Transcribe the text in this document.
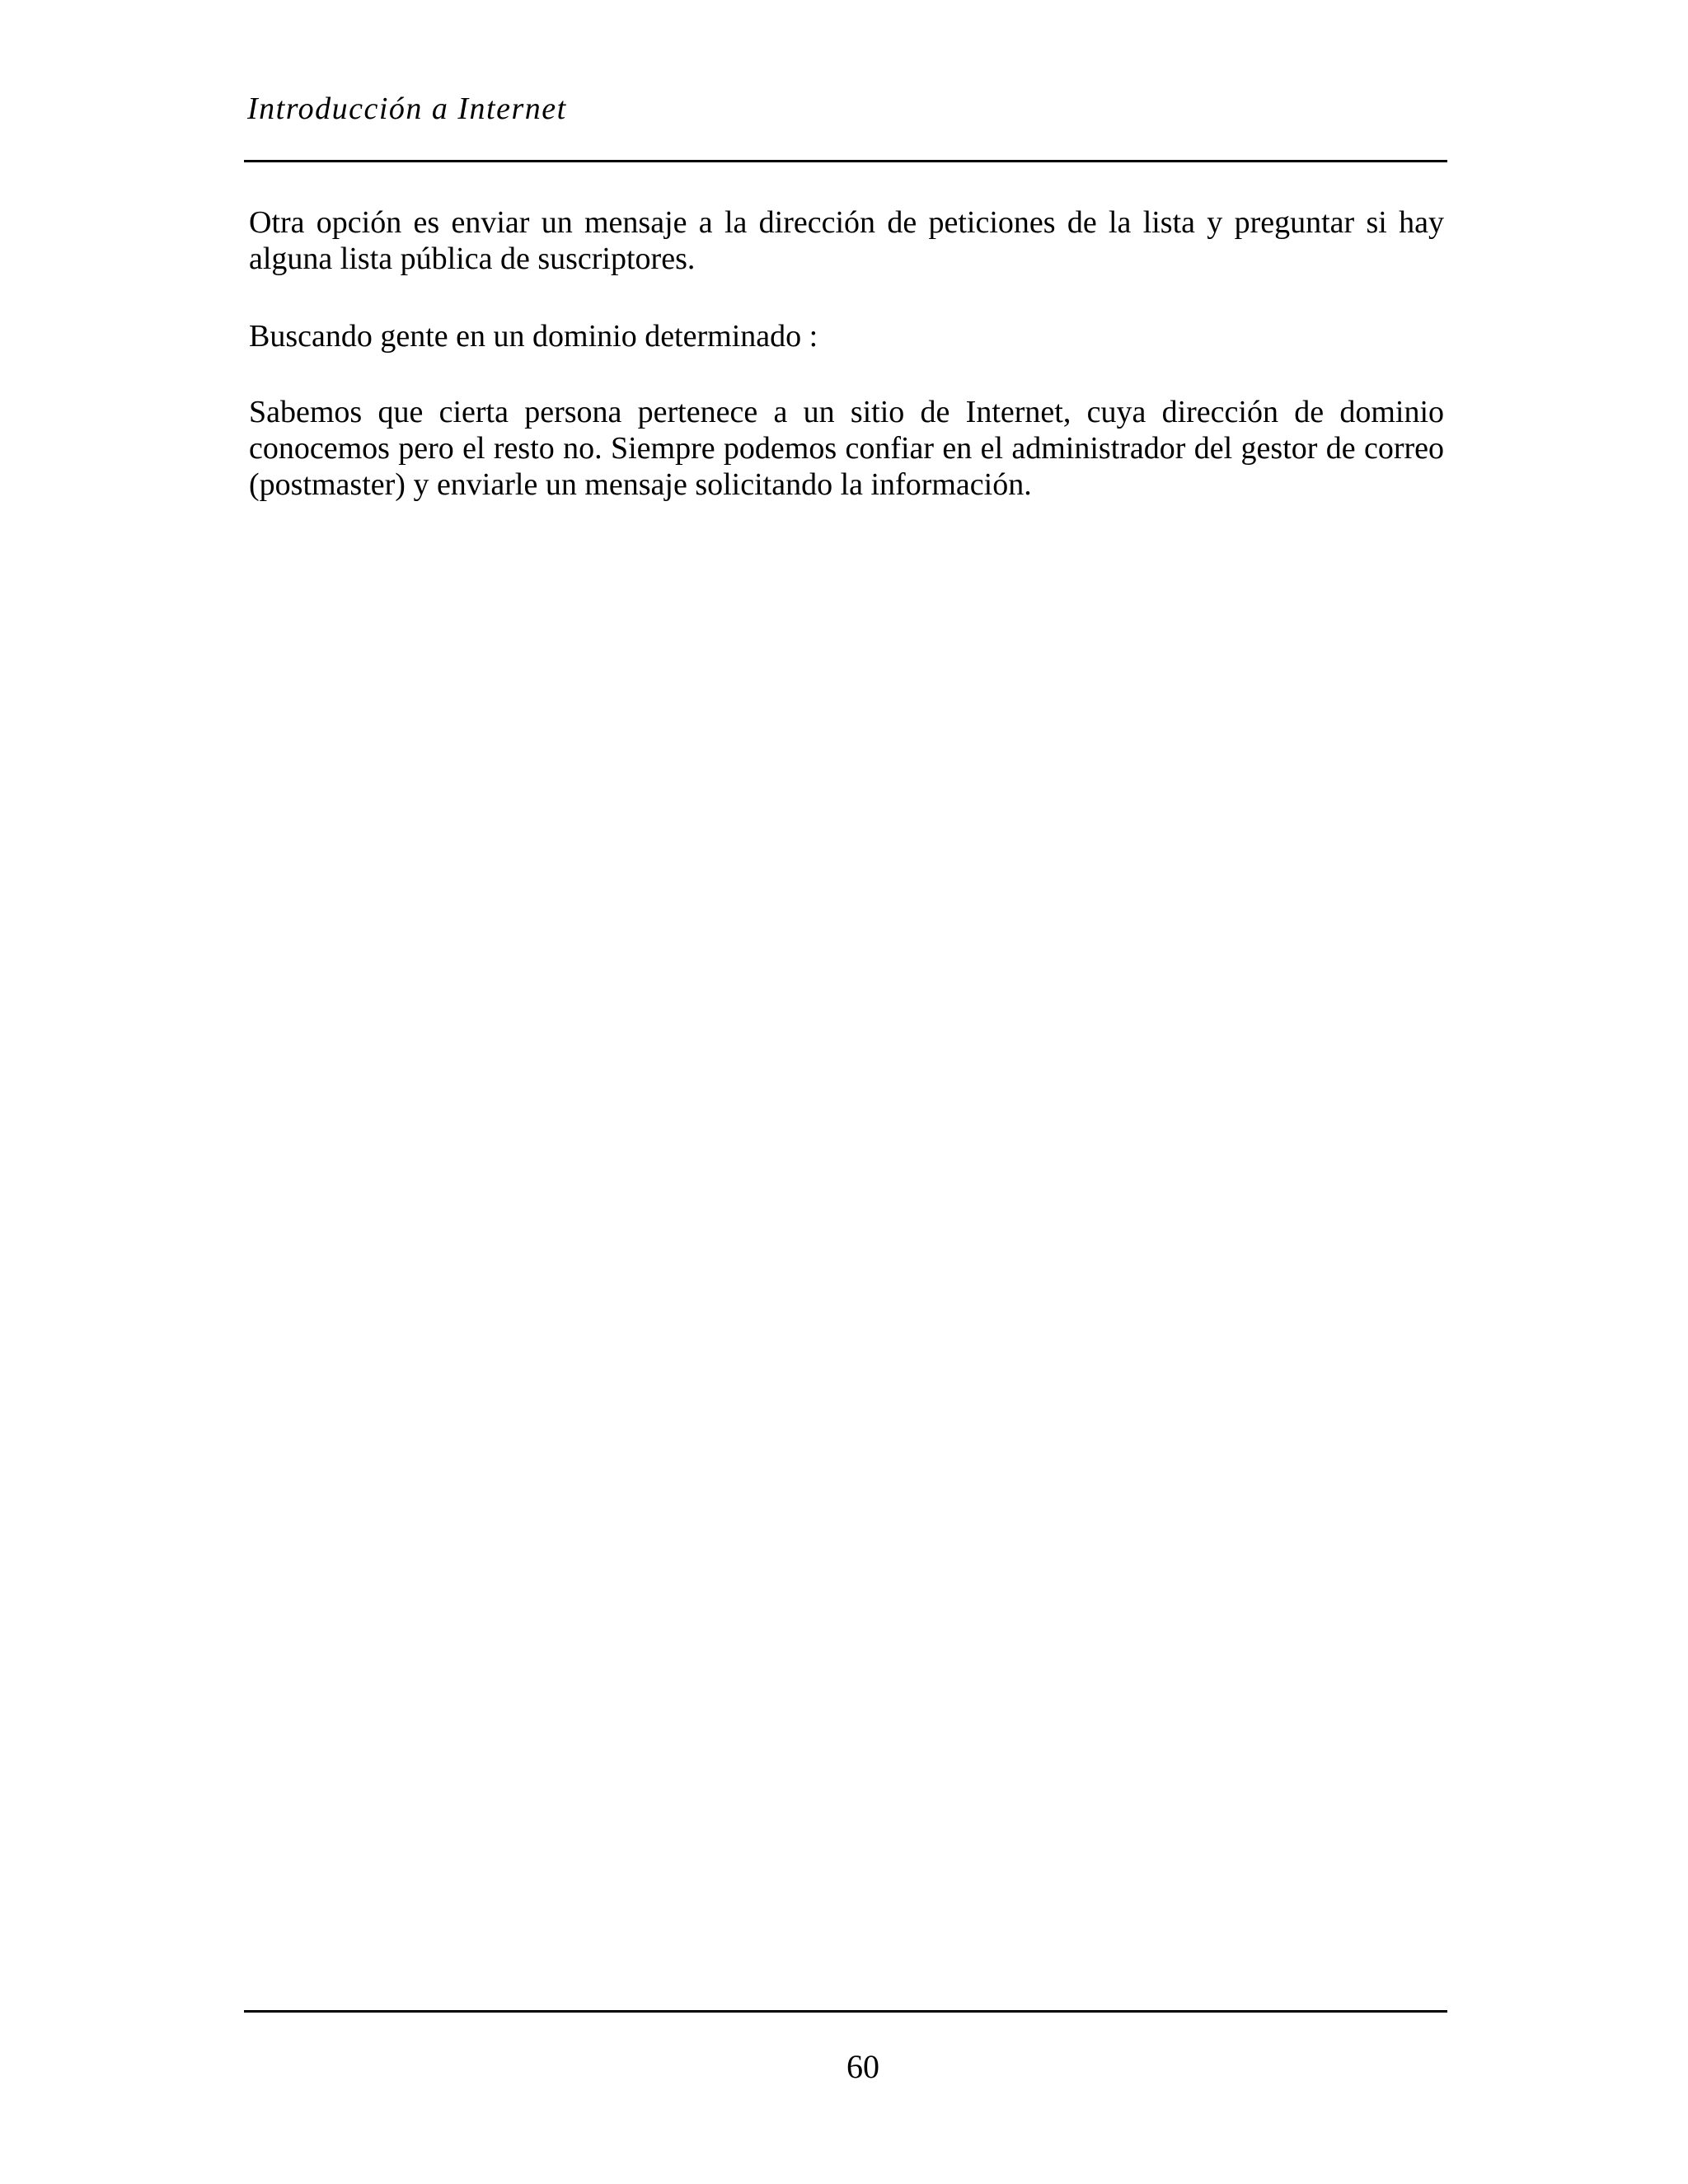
Introducción a Internet

Otra opción es enviar un mensaje a la dirección de peticiones de la lista y preguntar si hay alguna lista pública de suscriptores.

Buscando gente en un dominio determinado :

Sabemos que cierta persona pertenece a un sitio de Internet, cuya dirección de dominio conocemos pero el resto no. Siempre podemos confiar en el administrador del gestor de correo (postmaster) y enviarle un mensaje solicitando la información.

60
